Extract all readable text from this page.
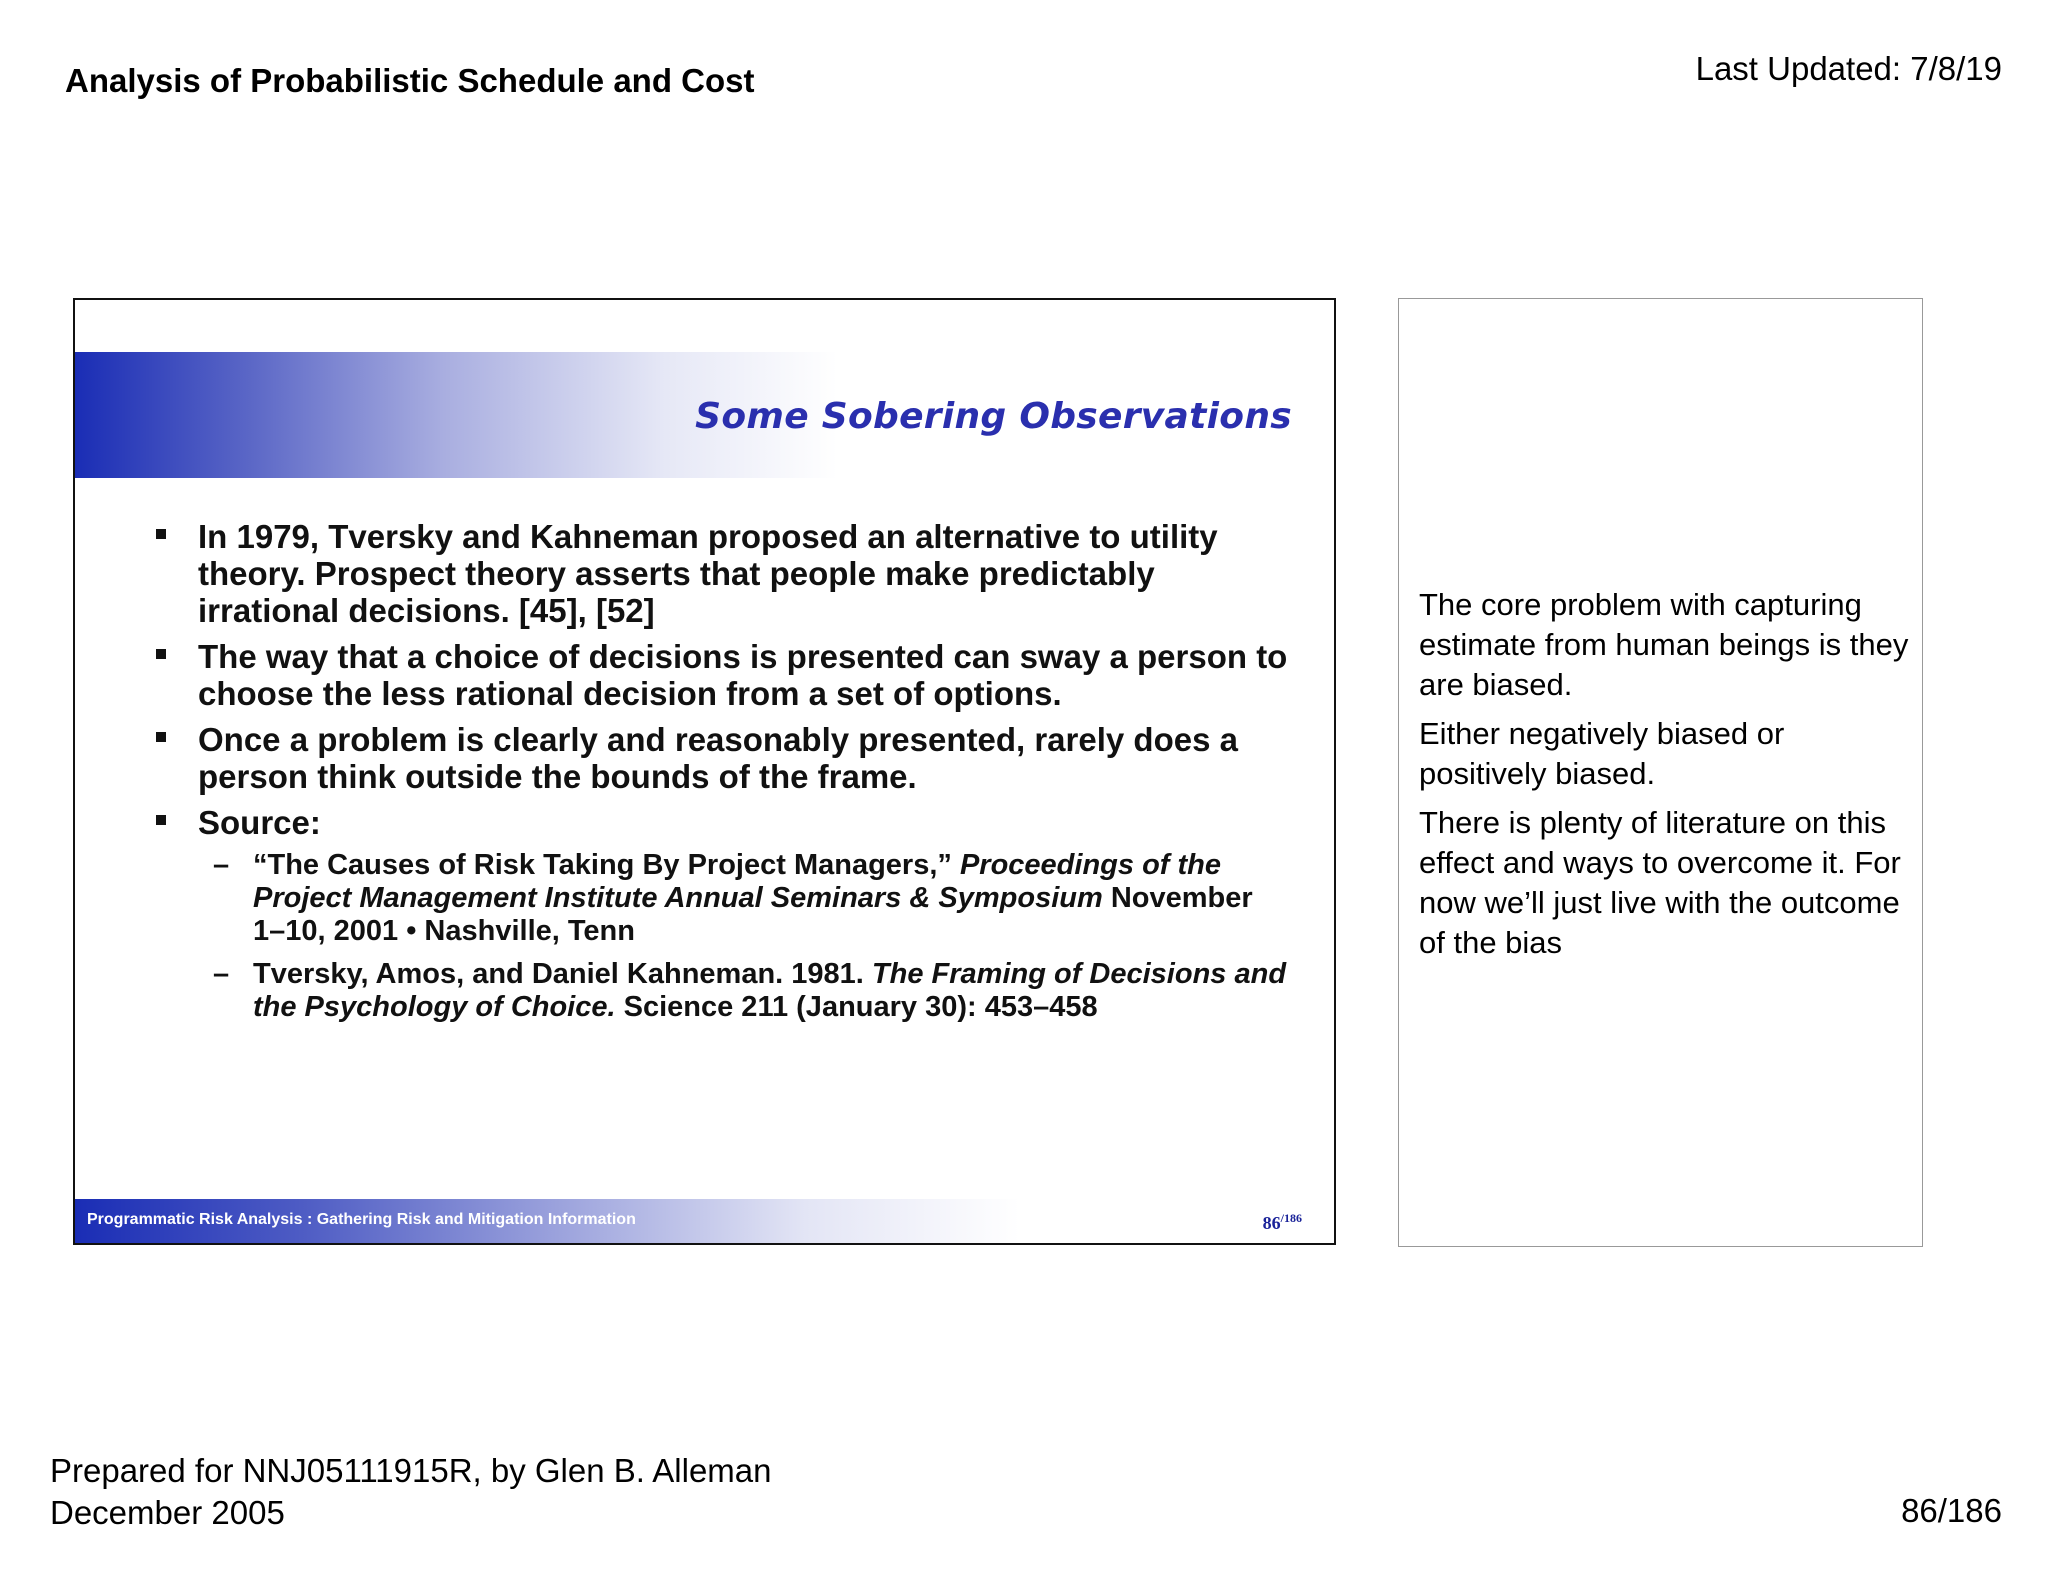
Analysis of Probabilistic Schedule and Cost	Last Updated: 7/8/19
Some Sobering Observations
In 1979, Tversky and Kahneman proposed an alternative to utility theory. Prospect theory asserts that people make predictably irrational decisions. [45], [52]
The way that a choice of decisions is presented can sway a person to choose the less rational decision from a set of options.
Once a problem is clearly and reasonably presented, rarely does a person think outside the bounds of the frame.
Source:
– “The Causes of Risk Taking By Project Managers,” Proceedings of the Project Management Institute Annual Seminars & Symposium November 1–10, 2001 • Nashville, Tenn
– Tversky, Amos, and Daniel Kahneman. 1981. The Framing of Decisions and the Psychology of Choice. Science 211 (January 30): 453–458
Programmatic Risk Analysis : Gathering Risk and Mitigation Information	$86^{/186}$

The core problem with capturing estimate from human beings is they are biased.

Either negatively biased or positively biased.

There is plenty of literature on this effect and ways to overcome it. For now we’ll just live with the outcome of the bias

Prepared for NNJ05111915R, by Glen B. Alleman
December 2005	86/186
